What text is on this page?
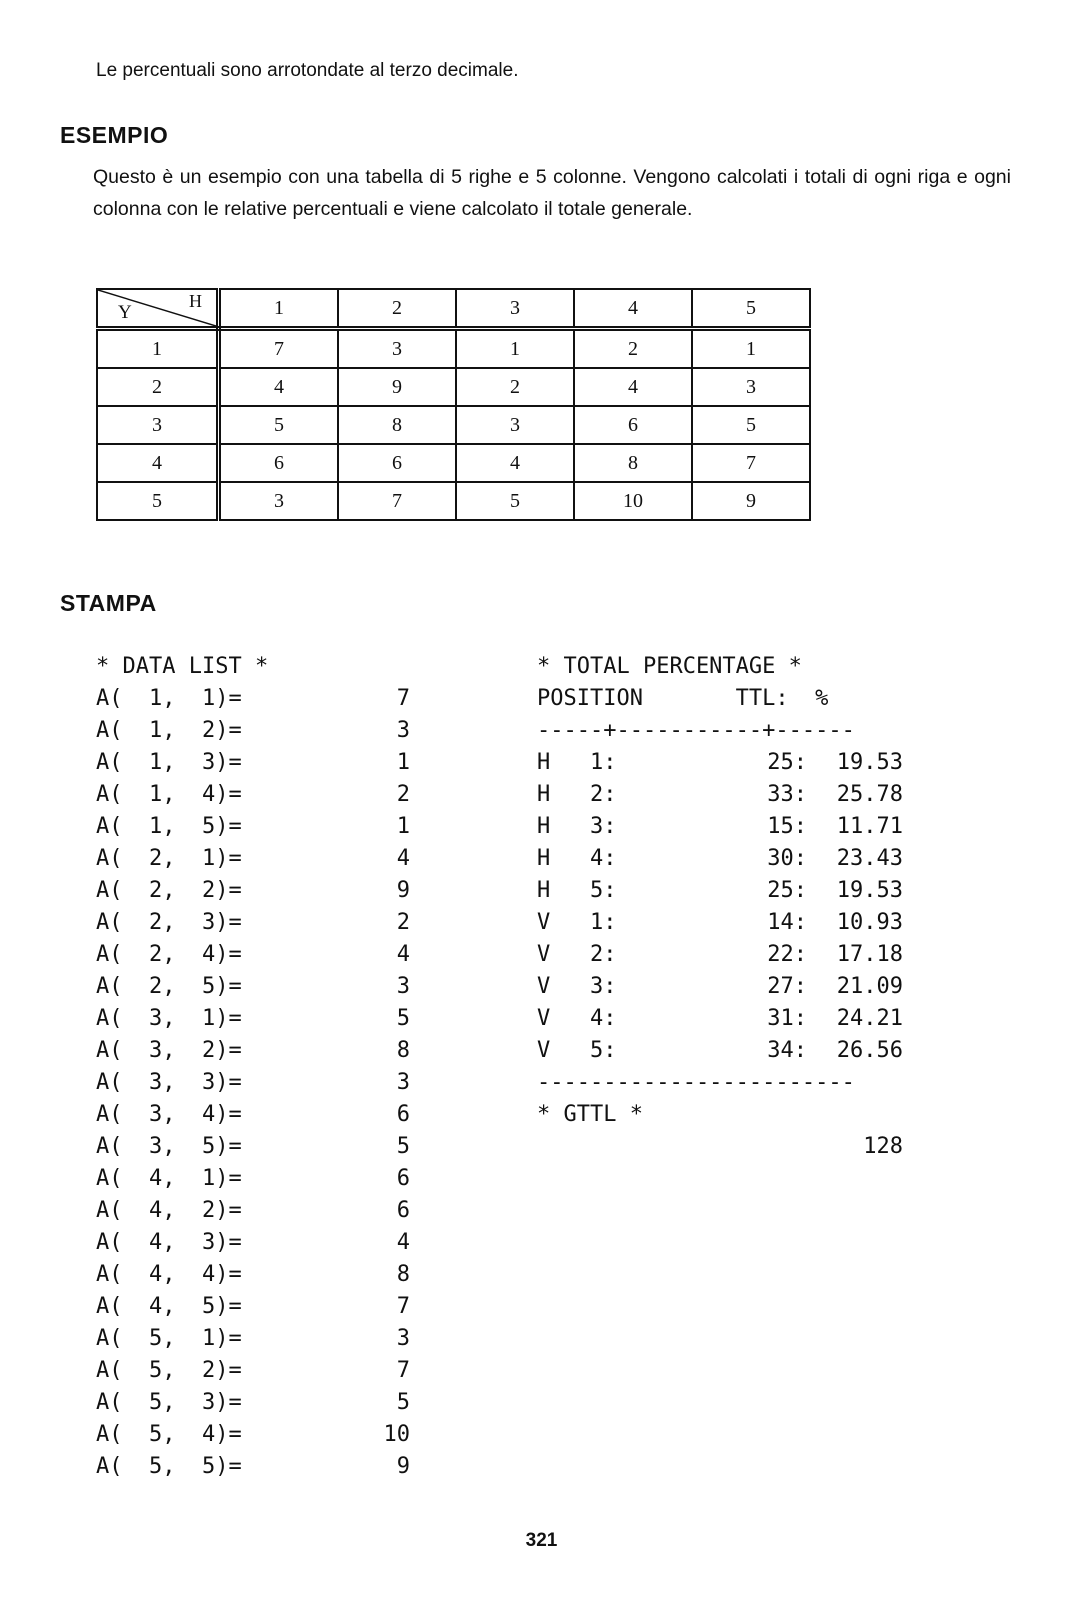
Le percentuali sono arrotondate al terzo decimale.
ESEMPIO
Questo è un esempio con una tabella di 5 righe e 5 colonne. Vengono calcolati i totali di ogni riga e ogni colonna con le relative percentuali e viene calcolato il totale generale.
Y
H	1	2	3	4	5
1	7	3	1	2	1
2	4	9	2	4	3
3	5	8	3	6	5
4	6	6	4	8	7
5	3	7	5	10	9
STAMPA
* DATA LIST *
A(  1,  1)=	7
A(  1,  2)=	3
A(  1,  3)=	1
A(  1,  4)=	2
A(  1,  5)=	1
A(  2,  1)=	4
A(  2,  2)=	9
A(  2,  3)=	2
A(  2,  4)=	4
A(  2,  5)=	3
A(  3,  1)=	5
A(  3,  2)=	8
A(  3,  3)=	3
A(  3,  4)=	6
A(  3,  5)=	5
A(  4,  1)=	6
A(  4,  2)=	6
A(  4,  3)=	4
A(  4,  4)=	8
A(  4,  5)=	7
A(  5,  1)=	3
A(  5,  2)=	7
A(  5,  3)=	5
A(  5,  4)=	10
A(  5,  5)=	9
* TOTAL PERCENTAGE *
POSITION       TTL:  %
-----+-----------+------
H   1:	25: 19.53
H   2:	33: 25.78
H   3:	15: 11.71
H   4:	30: 23.43
H   5:	25: 19.53
V   1:	14: 10.93
V   2:	22: 17.18
V   3:	27: 21.09
V   4:	31: 24.21
V   5:	34: 26.56
------------------------
* GTTL *
128
321
